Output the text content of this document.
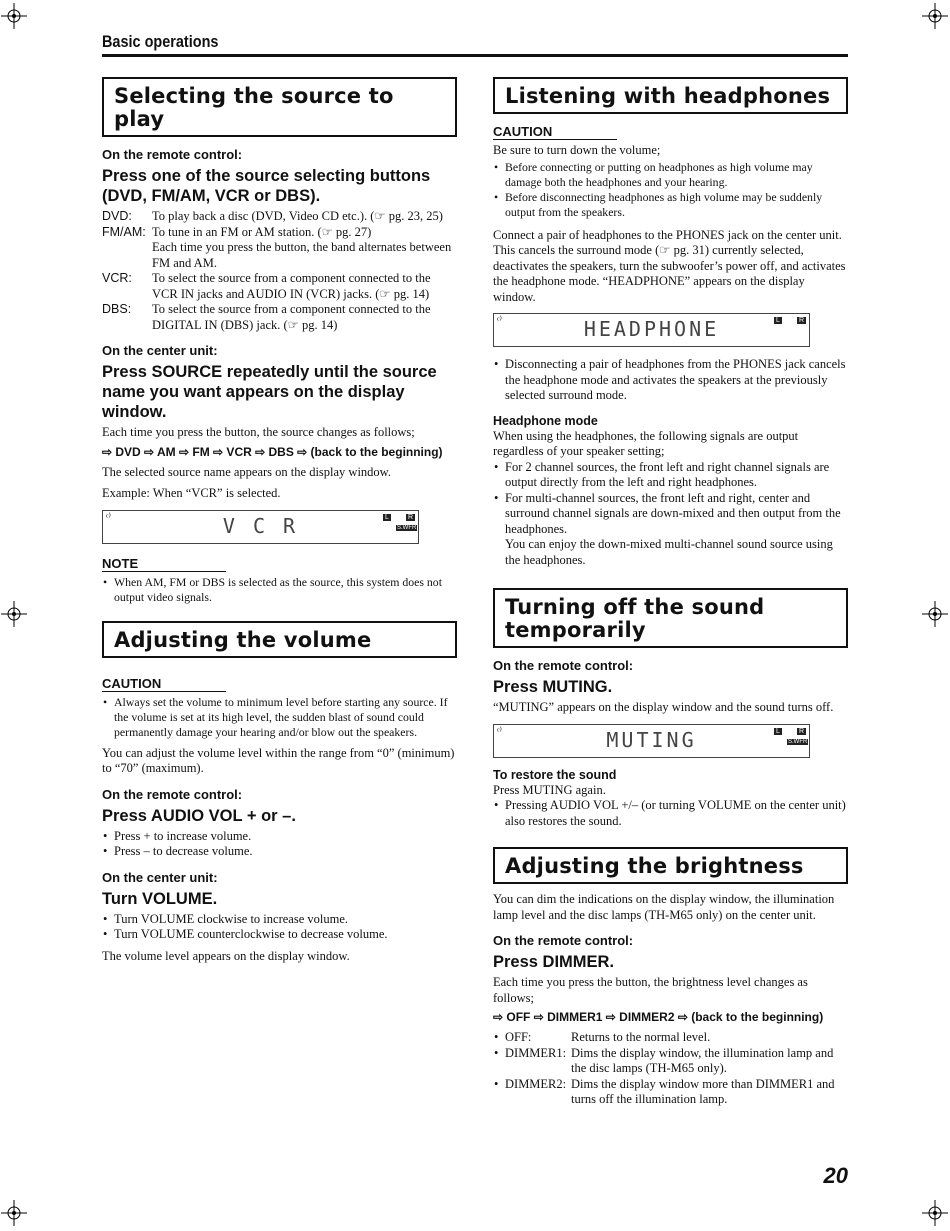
Basic operations
Selecting the source to play
On the remote control:
Press one of the source selecting buttons (DVD, FM/AM, VCR or DBS).
DVD:	To play back a disc (DVD, Video CD etc.). (☞ pg. 23, 25)
FM/AM: To tune in an FM or AM station. (☞ pg. 27)
Each time you press the button, the band alternates between FM and AM.
VCR:	To select the source from a component connected to the VCR IN jacks and AUDIO IN (VCR) jacks. (☞ pg. 14)
DBS:	To select the source from a component connected to the DIGITAL IN (DBS) jack. (☞ pg. 14)
On the center unit:
Press SOURCE repeatedly until the source name you want appears on the display window.

Each time you press the button, the source changes as follows;

⇨ DVD ⇨ AM ⇨ FM ⇨ VCR ⇨ DBS ⇨ (back to the beginning)

The selected source name appears on the display window.

Example: When “VCR” is selected.

ᶜ⁾	V C R	L	R
S.WFR
NOTE
• When AM, FM or DBS is selected as the source, this system does not output video signals.
Adjusting the volume
CAUTION
• Always set the volume to minimum level before starting any source. If the volume is set at its high level, the sudden blast of sound could permanently damage your hearing and/or blow out the speakers.

You can adjust the volume level within the range from “0” (minimum) to “70” (maximum).

On the remote control:
Press AUDIO VOL + or –.
• Press + to increase volume.
• Press – to decrease volume.
On the center unit:
Turn VOLUME.
• Turn VOLUME clockwise to increase volume.
• Turn VOLUME counterclockwise to decrease volume.

The volume level appears on the display window.

Listening with headphones
CAUTION

Be sure to turn down the volume;

• Before connecting or putting on headphones as high volume may damage both the headphones and your hearing.
• Before disconnecting headphones as high volume may be suddenly output from the speakers.

Connect a pair of headphones to the PHONES jack on the center unit. This cancels the surround mode (☞ pg. 31) currently selected, deactivates the speakers, turn the subwoofer’s power off, and activates the headphone mode. “HEADPHONE” appears on the display window.

ᶜ⁾	HEADPHONE	L	R
• Disconnecting a pair of headphones from the PHONES jack cancels the headphone mode and activates the speakers at the previously selected surround mode.
Headphone mode

When using the headphones, the following signals are output regardless of your speaker setting;

• For 2 channel sources, the front left and right channel signals are output directly from the left and right headphones.
• For multi-channel sources, the front left and right, center and surround channel signals are down-mixed and then output from the headphones.

You can enjoy the down-mixed multi-channel sound source using the headphones.

Turning off the sound temporarily
On the remote control:
Press MUTING.

“MUTING” appears on the display window and the sound turns off.

ᶜ⁾	MUTING	L	R
S.WFR
To restore the sound

Press MUTING again.

• Pressing AUDIO VOL +/– (or turning VOLUME on the center unit) also restores the sound.
Adjusting the brightness

You can dim the indications on the display window, the illumination lamp level and the disc lamps (TH-M65 only) on the center unit.

On the remote control:
Press DIMMER.

Each time you press the button, the brightness level changes as follows;

⇨ OFF ⇨ DIMMER1 ⇨ DIMMER2 ⇨ (back to the beginning)
• OFF:	Returns to the normal level.
• DIMMER1: Dims the display window, the illumination lamp and the disc lamps (TH-M65 only).
• DIMMER2: Dims the display window more than DIMMER1 and turns off the illumination lamp.
20
